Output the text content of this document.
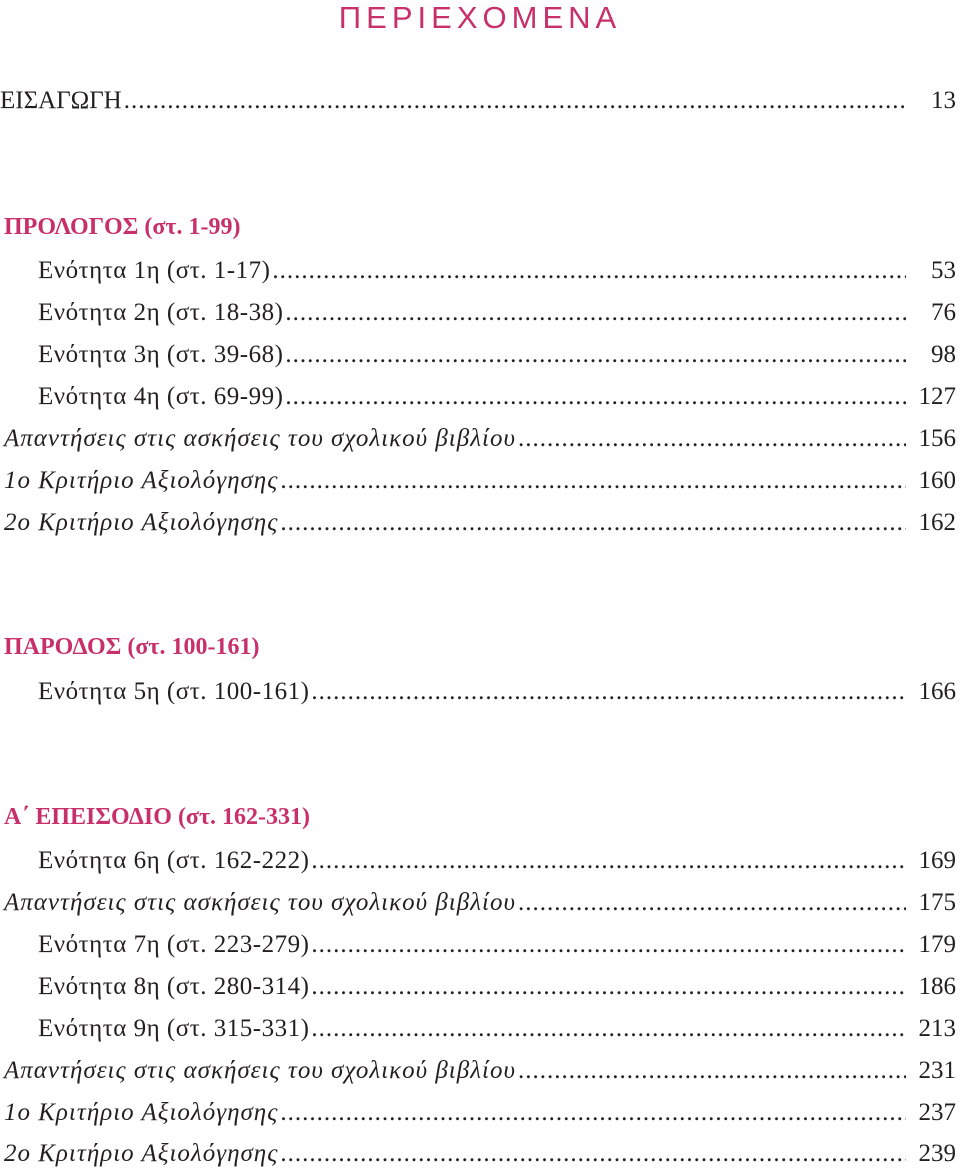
ΠΕΡΙΕΧΟΜΕΝΑ
ΕΙΣΑΓΩΓΗ .....	13
ΠΡΟΛΟΓΟΣ (στ. 1-99)
Ενότητα 1η (στ. 1-17) .....	53
Ενότητα 2η (στ. 18-38) .....	76
Ενότητα 3η (στ. 39-68) .....	98
Ενότητα 4η (στ. 69-99) .....	127
Απαντήσεις στις ασκήσεις του σχολικού βιβλίου .....	156
1ο Κριτήριο Αξιολόγησης .....	160
2ο Κριτήριο Αξιολόγησης .....	162
ΠΑΡΟΔΟΣ (στ. 100-161)
Ενότητα 5η (στ. 100-161) .....	166
Α΄ ΕΠΕΙΣΟΔΙΟ (στ. 162-331)
Ενότητα 6η (στ. 162-222) .....	169
Απαντήσεις στις ασκήσεις του σχολικού βιβλίου .....	175
Ενότητα 7η (στ. 223-279) .....	179
Ενότητα 8η (στ. 280-314) .....	186
Ενότητα 9η (στ. 315-331) .....	213
Απαντήσεις στις ασκήσεις του σχολικού βιβλίου .....	231
1ο Κριτήριο Αξιολόγησης .....	237
2ο Κριτήριο Αξιολόγησης .....	239
